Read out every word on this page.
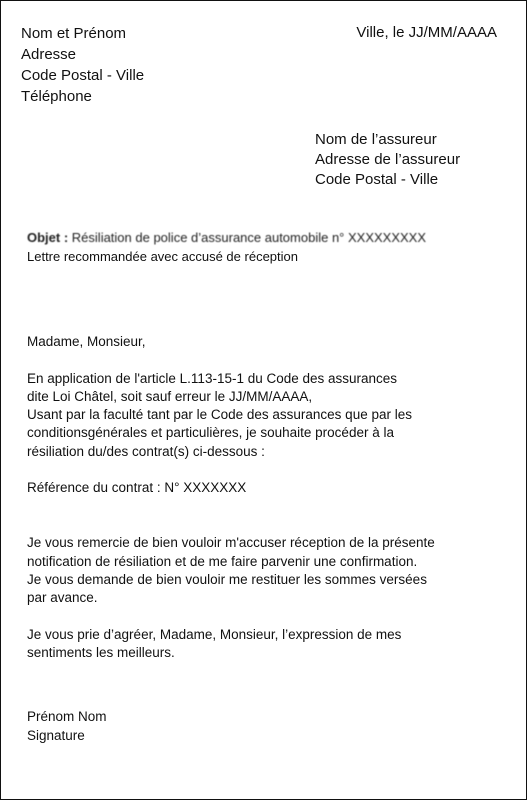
Nom et Prénom
Adresse
Code Postal - Ville
Téléphone
Ville, le JJ/MM/AAAA
Nom de l’assureur
Adresse de l’assureur
Code Postal - Ville
Objet : Résiliation de police d’assurance automobile n° XXXXXXXXX
Lettre recommandée avec accusé de réception
Madame, Monsieur,
En application de l'article L.113-15-1 du Code des assurances
dite Loi Châtel, soit sauf erreur le JJ/MM/AAAA,
Usant par la faculté tant par le Code des assurances que par les
conditionsgénérales et particulières, je souhaite procéder à la
résiliation du/des contrat(s) ci-dessous :
Référence du contrat : N° XXXXXXX
Je vous remercie de bien vouloir m'accuser réception de la présente
notification de résiliation et de me faire parvenir une confirmation.
Je vous demande de bien vouloir me restituer les sommes versées
par avance.
Je vous prie d’agréer, Madame, Monsieur, l’expression de mes
sentiments les meilleurs.
Prénom Nom
Signature
